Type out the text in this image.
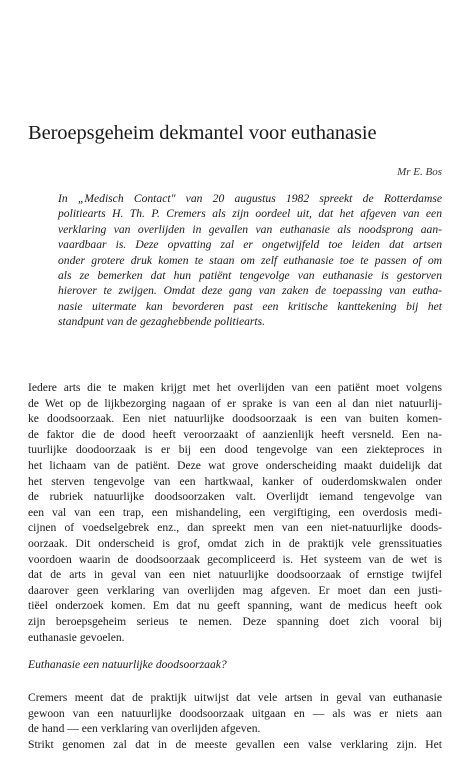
Beroepsgeheim dekmantel voor euthanasie
Mr E. Bos
In „Medisch Contact" van 20 augustus 1982 spreekt de Rotterdamse
politiearts H. Th. P. Cremers als zijn oordeel uit, dat het afgeven van een
verklaring van overlijden in gevallen van euthanasie als noodsprong aan-
vaardbaar is. Deze opvatting zal er ongetwijfeld toe leiden dat artsen
onder grotere druk komen te staan om zelf euthanasie toe te passen of om
als ze bemerken dat hun patiënt tengevolge van euthanasie is gestorven
hierover te zwijgen. Omdat deze gang van zaken de toepassing van eutha-
nasie uitermate kan bevorderen past een kritische kanttekening bij het
standpunt van de gezaghebbende politiearts.
Iedere arts die te maken krijgt met het overlijden van een patiënt moet volgens
de Wet op de lijkbezorging nagaan of er sprake is van een al dan niet natuurlij-
ke doodsoorzaak. Een niet natuurlijke doodsoorzaak is een van buiten komen-
de faktor die de dood heeft veroorzaakt of aanzienlijk heeft versneld. Een na-
tuurlijke doodoorzaak is er bij een dood tengevolge van een ziekteproces in
het lichaam van de patiënt. Deze wat grove onderscheiding maakt duidelijk dat
het sterven tengevolge van een hartkwaal, kanker of ouderdomskwalen onder
de rubriek natuurlijke doodsoorzaken valt. Overlijdt iemand tengevolge van
een val van een trap, een mishandeling, een vergiftiging, een overdosis medi-
cijnen of voedselgebrek enz., dan spreekt men van een niet-natuurlijke doods-
oorzaak. Dit onderscheid is grof, omdat zich in de praktijk vele grenssituaties
voordoen waarin de doodsoorzaak gecompliceerd is. Het systeem van de wet is
dat de arts in geval van een niet natuurlijke doodsoorzaak of ernstige twijfel
daarover geen verklaring van overlijden mag afgeven. Er moet dan een justi-
tiëel onderzoek komen. Em dat nu geeft spanning, want de medicus heeft ook
zijn beroepsgeheim serieus te nemen. Deze spanning doet zich vooral bij
euthanasie gevoelen.
Euthanasie een natuurlijke doodsoorzaak?
Cremers meent dat de praktijk uitwijst dat vele artsen in geval van euthanasie
gewoon van een natuurlijke doodsoorzaak uitgaan en — als was er niets aan
de hand — een verklaring van overlijden afgeven.
Strikt genomen zal dat in de meeste gevallen een valse verklaring zijn. Het
